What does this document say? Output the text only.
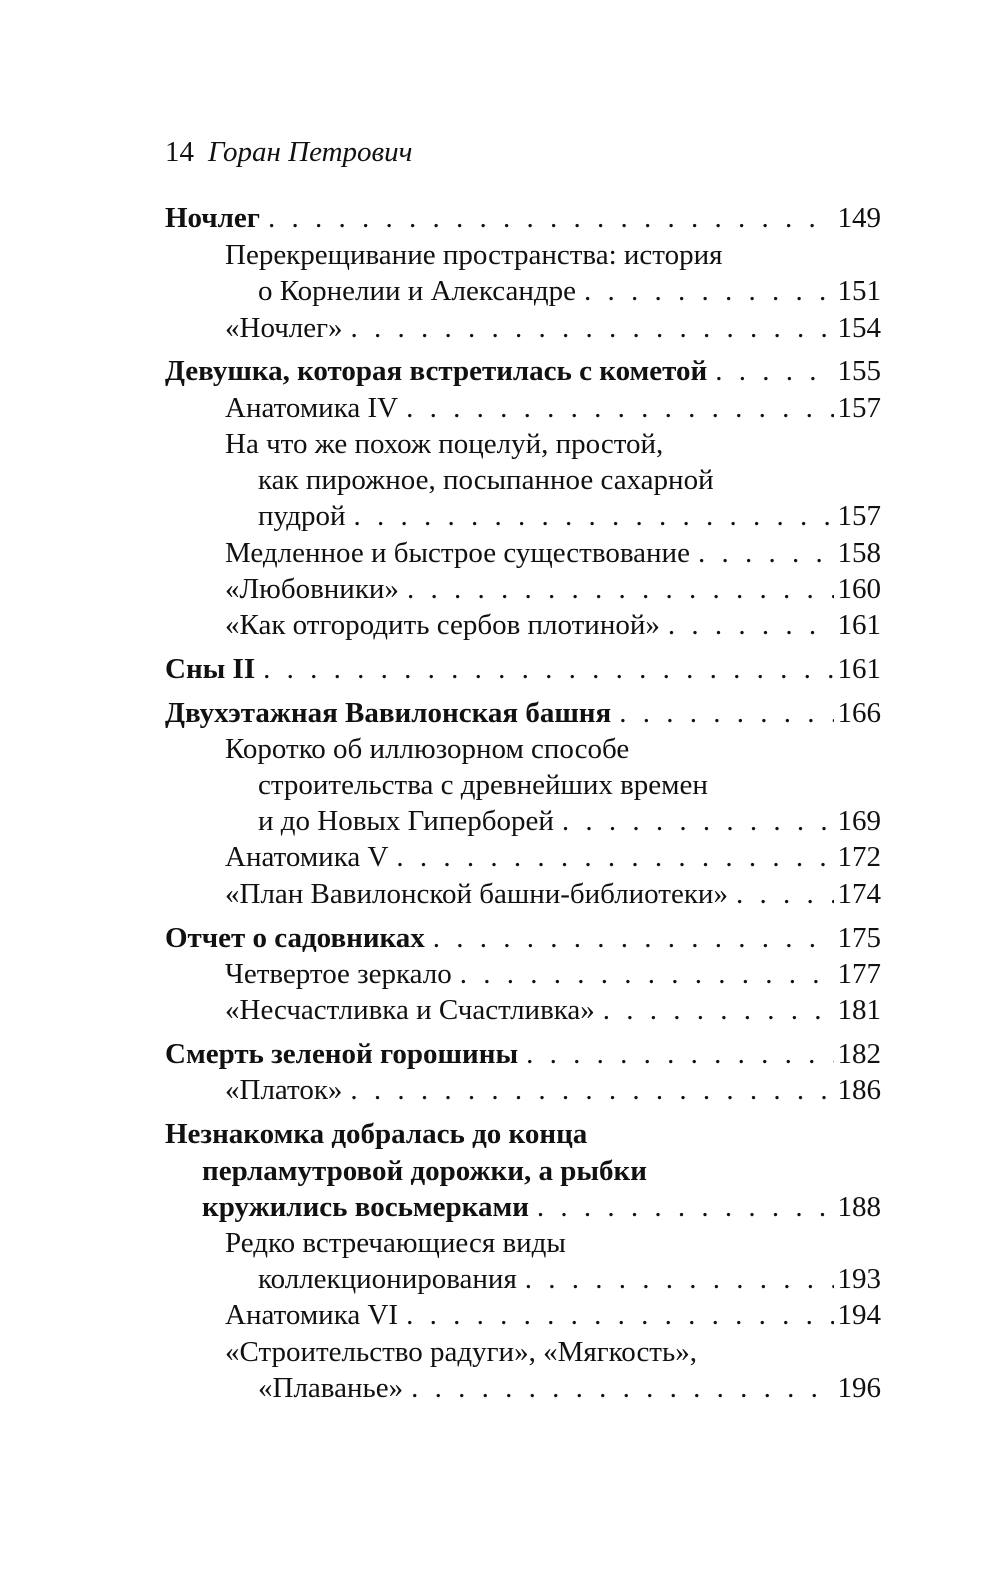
14 Горан Петрович
Ночлег . . .	149
Перекрещивание пространства: история
о Корнелии и Александре . . .	151
«Ночлег» . . .	154
Девушка, которая встретилась с кометой . . .	155
Анатомика IV . . .	157
На что же похож поцелуй, простой,
как пирожное, посыпанное сахарной
пудрой . . .	157
Медленное и быстрое существование . . .	158
«Любовники» . . .	160
«Как отгородить сербов плотиной» . . .	161
Сны II . . .	161
Двухэтажная Вавилонская башня . . .	166
Коротко об иллюзорном способе
строительства с древнейших времен
и до Новых Гиперборей . . .	169
Анатомика V . . .	172
«План Вавилонской башни-библиотеки» . . .	174
Отчет о садовниках . . .	175
Четвертое зеркало . . .	177
«Несчастливка и Счастливка» . . .	181
Смерть зеленой горошины . . .	182
«Платок» . . .	186
Незнакомка добралась до конца
перламутровой дорожки, а рыбки
кружились восьмерками . . .	188
Редко встречающиеся виды
коллекционирования . . .	193
Анатомика VI . . .	194
«Строительство радуги», «Мягкость»,
«Плаванье» . . .	196
